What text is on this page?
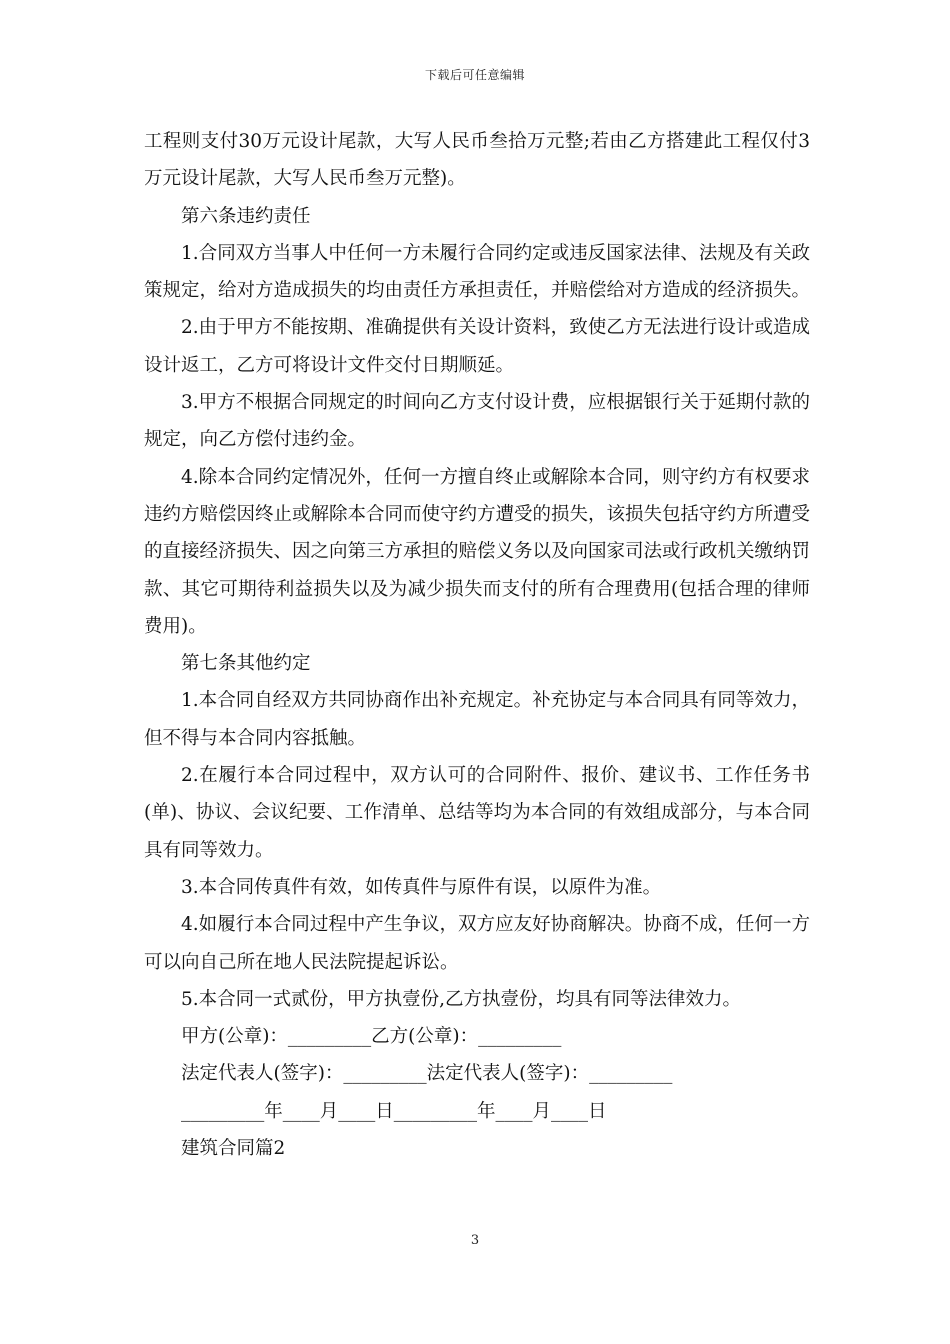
下载后可任意编辑

工程则支付30万元设计尾款，大写人民币叁拾万元整;若由乙方搭建此工程仅付3万元设计尾款，大写人民币叁万元整)。

第六条违约责任

1.合同双方当事人中任何一方未履行合同约定或违反国家法律、法规及有关政策规定，给对方造成损失的均由责任方承担责任，并赔偿给对方造成的经济损失。

2.由于甲方不能按期、准确提供有关设计资料，致使乙方无法进行设计或造成设计返工，乙方可将设计文件交付日期顺延。

3.甲方不根据合同规定的时间向乙方支付设计费，应根据银行关于延期付款的规定，向乙方偿付违约金。

4.除本合同约定情况外，任何一方擅自终止或解除本合同，则守约方有权要求违约方赔偿因终止或解除本合同而使守约方遭受的损失，该损失包括守约方所遭受的直接经济损失、因之向第三方承担的赔偿义务以及向国家司法或行政机关缴纳罚款、其它可期待利益损失以及为减少损失而支付的所有合理费用(包括合理的律师费用)。

第七条其他约定

1.本合同自经双方共同协商作出补充规定。补充协定与本合同具有同等效力，但不得与本合同内容抵触。

2.在履行本合同过程中，双方认可的合同附件、报价、建议书、工作任务书(单)、协议、会议纪要、工作清单、总结等均为本合同的有效组成部分，与本合同具有同等效力。

3.本合同传真件有效，如传真件与原件有误，以原件为准。

4.如履行本合同过程中产生争议，双方应友好协商解决。协商不成，任何一方可以向自己所在地人民法院提起诉讼。

5.本合同一式贰份，甲方执壹份,乙方执壹份，均具有同等法律效力。

甲方(公章)：_________乙方(公章)：_________

法定代表人(签字)：_________法定代表人(签字)：_________

_________年____月____日_________年____月____日

建筑合同篇2

3
